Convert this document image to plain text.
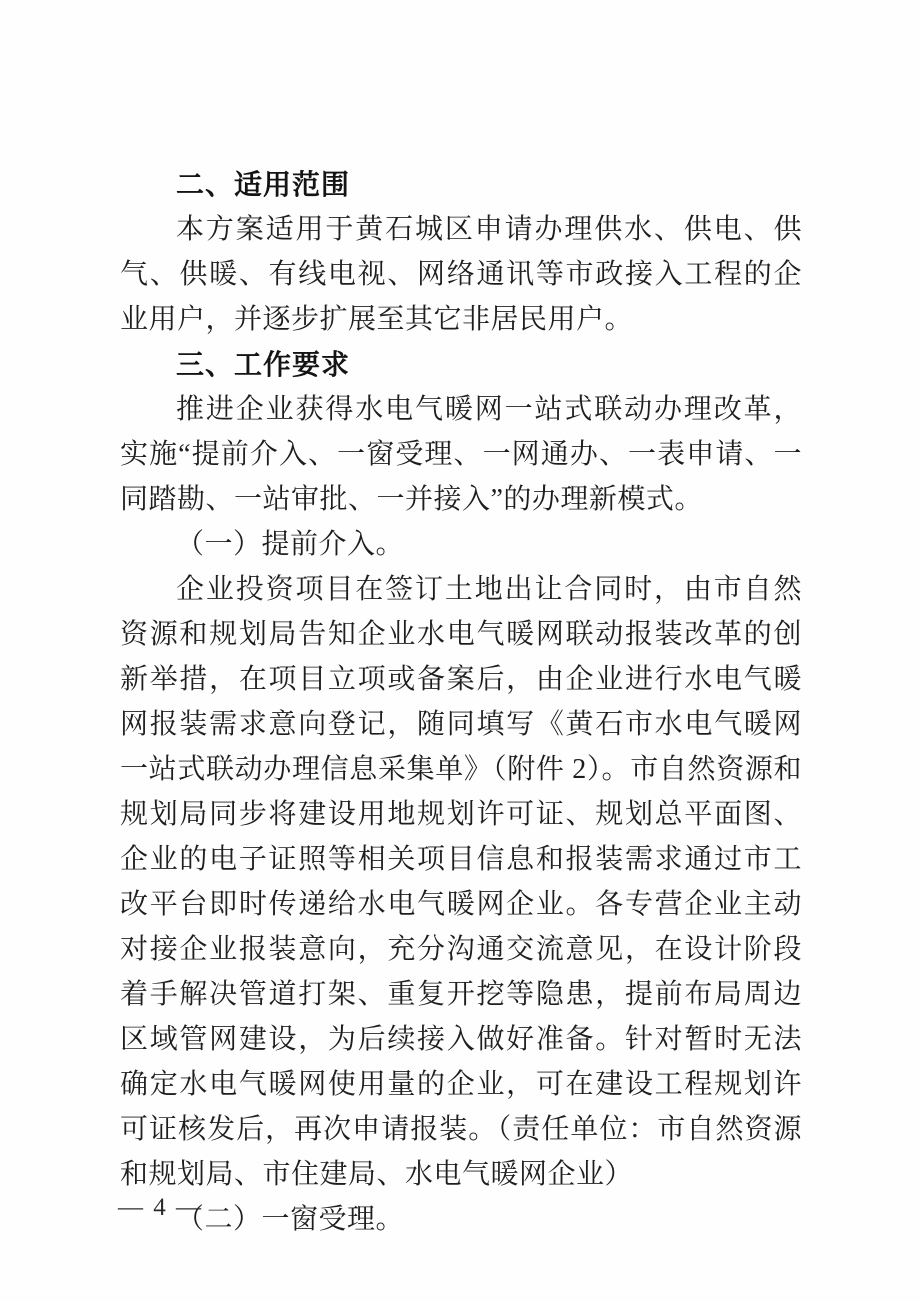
二、适用范围

本方案适用于黄石城区申请办理供水、供电、供气、供暖、有线电视、网络通讯等市政接入工程的企业用户，并逐步扩展至其它非居民用户。

三、工作要求

推进企业获得水电气暖网一站式联动办理改革，实施“提前介入、一窗受理、一网通办、一表申请、一同踏勘、一站审批、一并接入”的办理新模式。

（一）提前介入。

企业投资项目在签订土地出让合同时，由市自然资源和规划局告知企业水电气暖网联动报装改革的创新举措，在项目立项或备案后，由企业进行水电气暖网报装需求意向登记，随同填写《黄石市水电气暖网一站式联动办理信息采集单》（附件 2）。市自然资源和规划局同步将建设用地规划许可证、规划总平面图、企业的电子证照等相关项目信息和报装需求通过市工改平台即时传递给水电气暖网企业。各专营企业主动对接企业报装意向，充分沟通交流意见，在设计阶段着手解决管道打架、重复开挖等隐患，提前布局周边区域管网建设，为后续接入做好准备。针对暂时无法确定水电气暖网使用量的企业，可在建设工程规划许可证核发后，再次申请报装。（责任单位：市自然资源和规划局、市住建局、水电气暖网企业）

（二）一窗受理。

— 4 —
